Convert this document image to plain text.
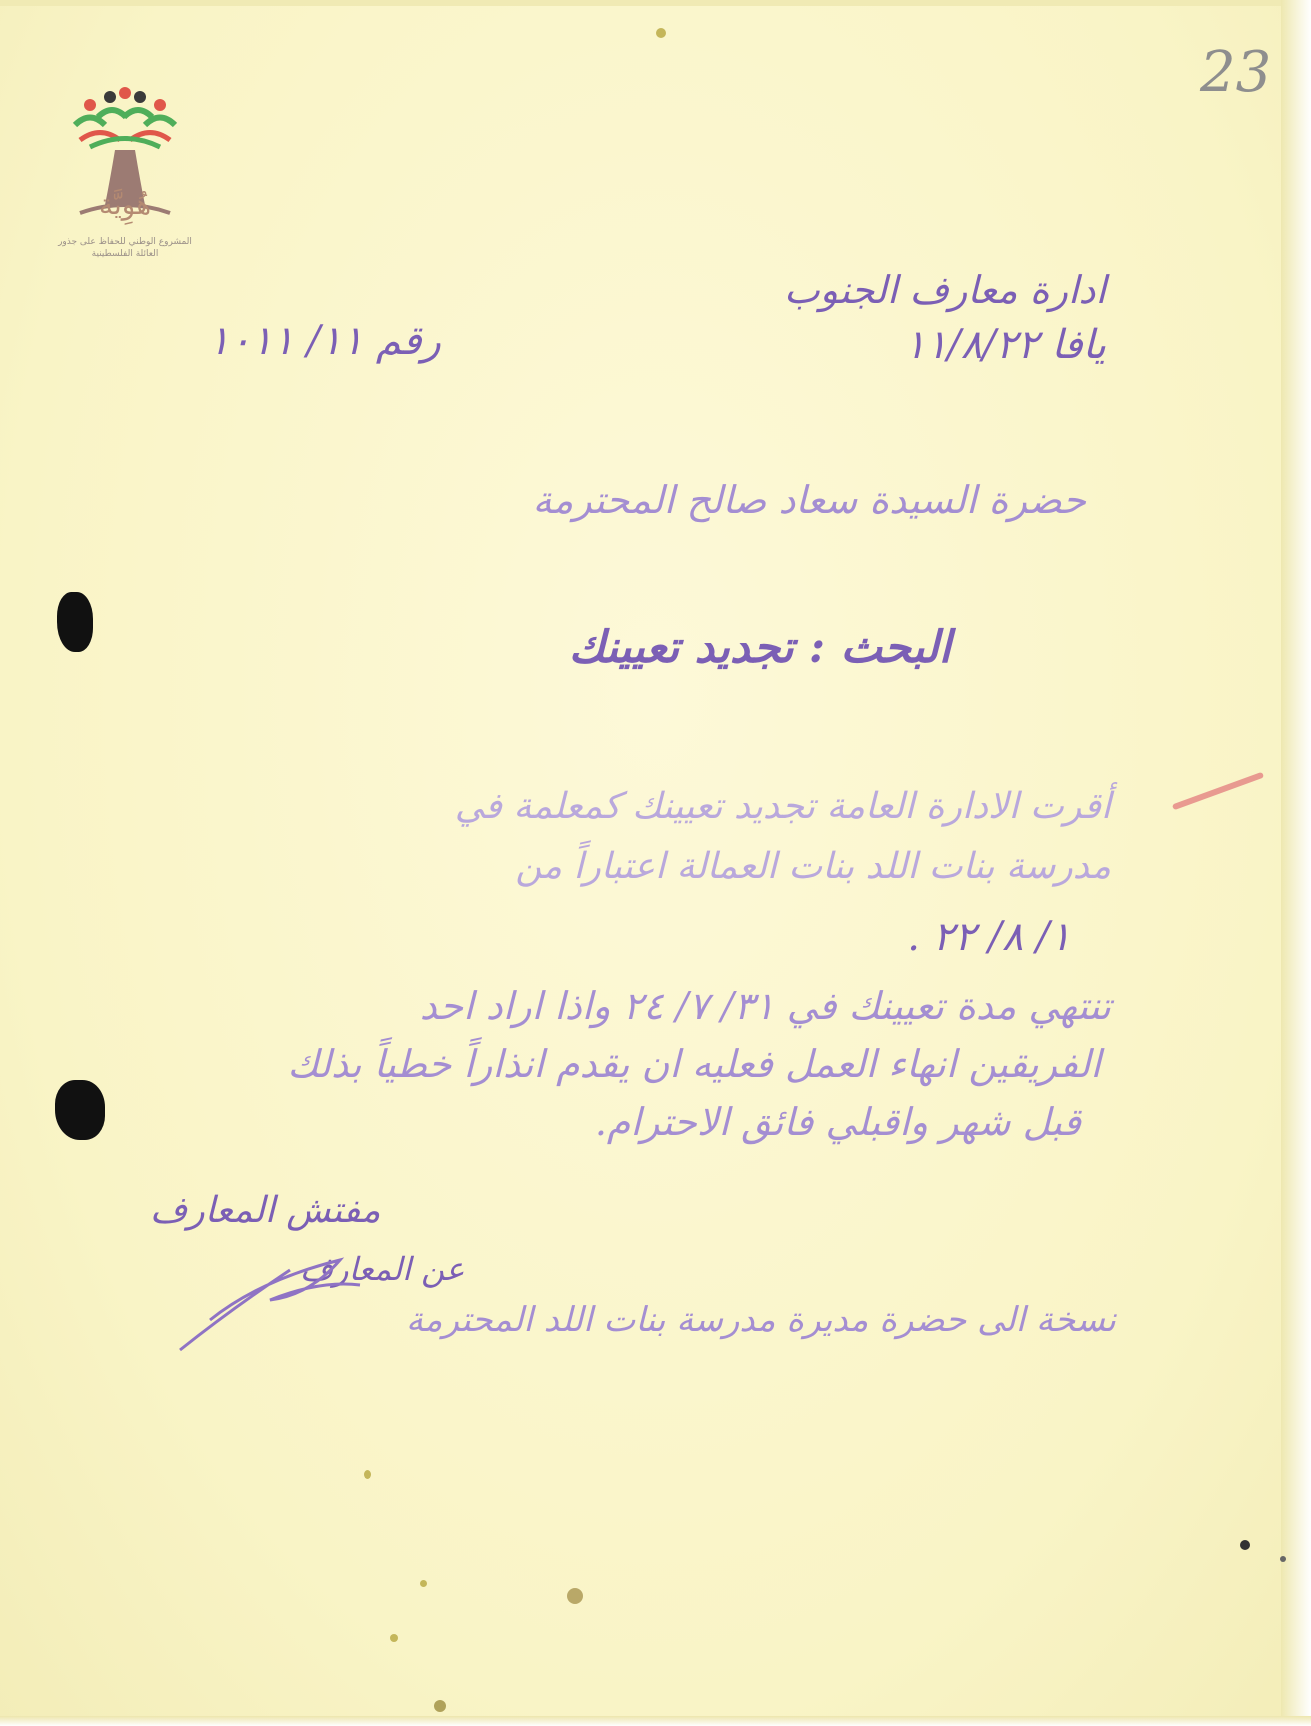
هُوِيَّة
المشروع الوطني للحفاظ على جذور العائلة الفلسطينية
23
ادارة معارف الجنوب
يافا ١١/٨/٢٢
رقم ١١/ ١٠١١
حضرة السيدة سعاد صالح المحترمة
البحث : تجديد تعيينك
أقرت الادارة العامة تجديد تعيينك كمعلمة في
مدرسة بنات اللد بنات العمالة اعتباراً من
١/ ٨/ ٢٢ .
تنتهي مدة تعيينك في ٣١/ ٧/ ٢٤ واذا اراد احد
الفريقين انهاء العمل فعليه ان يقدم انذاراً خطياً بذلك
قبل شهر واقبلي فائق الاحترام.
مفتش المعارف
عن المعارف
نسخة الى حضرة مديرة مدرسة بنات اللد المحترمة
